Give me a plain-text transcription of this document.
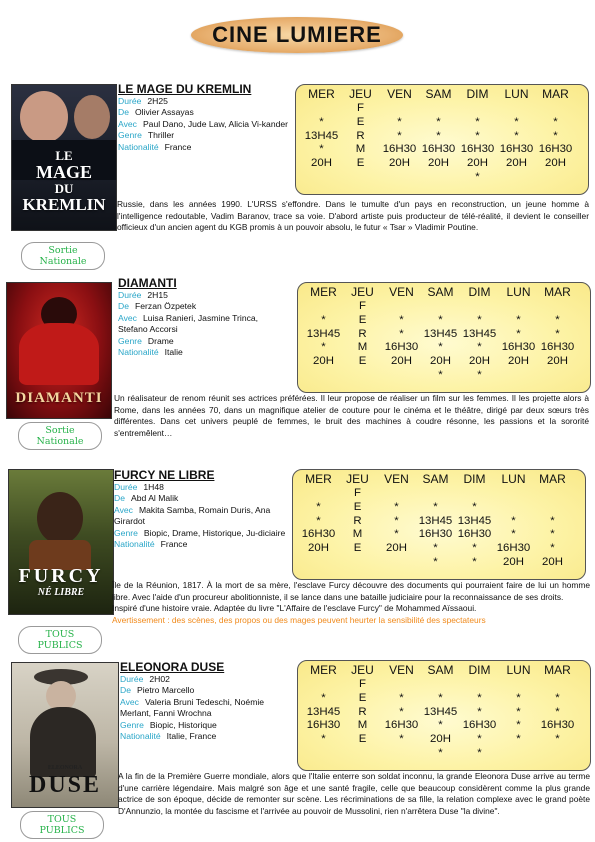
CINE LUMIERE
LE
MAGE
DU
KREMLIN
LE MAGE DU KREMLIN
Durée 2H25
De Olivier Assayas
Avec Paul Dano, Jude Law, Alicia Vi-kander
Genre Thriller
Nationalité France
MER

*
13H45
*
20H

JEU
F
E
R
M
E

VEN

*
*
16H30
20H

SAM

*
*
16H30
20H

DIM

*
*
16H30
20H
*
LUN

*
*
16H30
20H

MAR

*
*
16H30
20H

Russie, dans les années 1990. L'URSS s'effondre. Dans le tumulte d'un pays en reconstruction, un jeune homme à l'intelligence redoutable, Vadim Baranov, trace sa voie. D'abord artiste puis producteur de télé-réalité, il devient le conseiller officieux d'un ancien agent du KGB promis à un pouvoir absolu, le futur « Tsar » Vladimir Poutine.
Sortie
Nationale
DIAMANTI
DIAMANTI
Durée 2H15
De Ferzan Özpetek
Avec Luisa Ranieri, Jasmine Trinca, Stefano Accorsi
Genre Drame
Nationalité Italie
MER

*
13H45
*
20H

JEU
F
E
R
M
E

VEN

*
*
16H30
20H

SAM

*
13H45
*
20H
*
DIM

*
13H45
*
20H
*
LUN

*
*
16H30
20H

MAR

*
*
16H30
20H

Un réalisateur de renom réunit ses actrices préférées. Il leur propose de réaliser un film sur les femmes. Il les projette alors à Rome, dans les années 70, dans un magnifique atelier de couture pour le cinéma et le théâtre, dirigé par deux sœurs très différentes. Dans cet univers peuplé de femmes, le bruit des machines à coudre résonne, les passions et la sororité s'entremêlent…
Sortie
Nationale
FURCY
NÉ LIBRE
FURCY NE LIBRE
Durée 1H48
De Abd Al Malik
Avec Makita Samba, Romain Duris, Ana Girardot
Genre Biopic, Drame, Historique, Ju-diciaire
Nationalité France
MER

*
*
16H30
20H

JEU
F
E
R
M
E

VEN

*
*
*
20H

SAM

*
13H45
16H30
*
*
DIM

*
13H45
16H30
*
*
LUN

*
*
16H30
20H
MAR

*
*
*
20H
Île de la Réunion, 1817. À la mort de sa mère, l'esclave Furcy découvre des documents qui pourraient faire de lui un homme libre. Avec l'aide d'un procureur abolitionniste, il se lance dans une bataille judiciaire pour la reconnaissance de ses droits.
Inspiré d'une histoire vraie. Adaptée du livre "L'Affaire de l'esclave Furcy" de Mohammed Aïssaoui.
Avertissement : des scènes, des propos ou des mages peuvent heurter la sensibilité des spectateurs
TOUS
PUBLICS
ELEONORA
DUSE
ELEONORA DUSE
Durée 2H02
De Pietro Marcello
Avec Valeria Bruni Tedeschi, Noémie Merlant, Fanni Wrochna
Genre Biopic, Historique
Nationalité Italie, France
MER

*
13H45
16H30
*

JEU
F
E
R
M
E

VEN

*
*
16H30
*

SAM

*
13H45
*
20H
*
DIM

*
*
16H30
*
*
LUN

*
*
*
*

MAR

*
*
16H30
*

A la fin de la Première Guerre mondiale, alors que l'Italie enterre son soldat inconnu, la grande Eleonora Duse arrive au terme d'une carrière légendaire. Mais malgré son âge et une santé fragile, celle que beaucoup considèrent comme la plus grande actrice de son époque, décide de remonter sur scène. Les récriminations de sa fille, la relation complexe avec le grand poète D'Annunzio, la montée du fascisme et l'arrivée au pouvoir de Mussolini, rien n'arrêtera Duse "la divine".
TOUS
PUBLICS
